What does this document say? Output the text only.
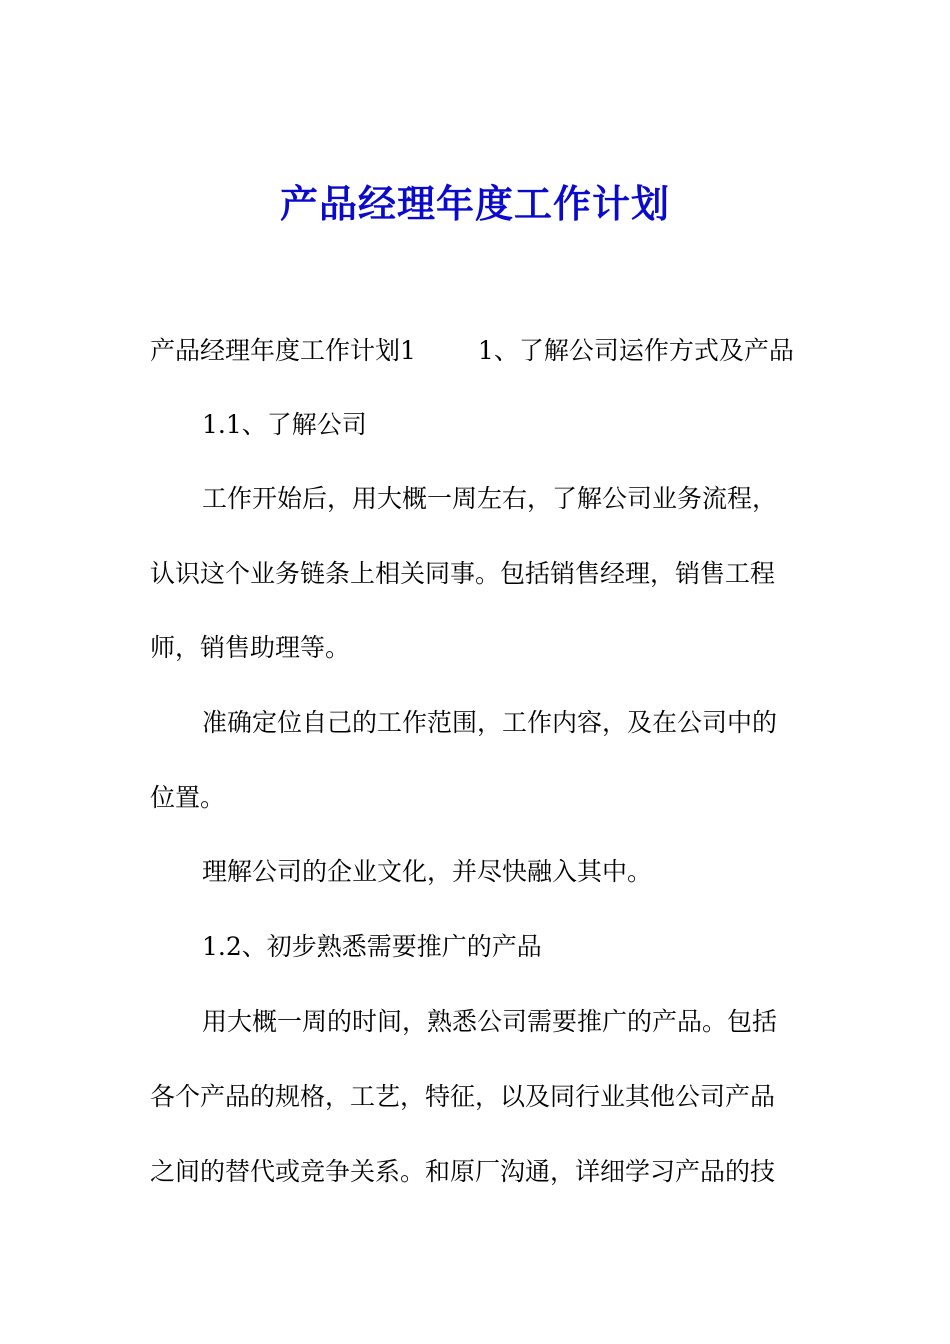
产品经理年度工作计划
产品经理年度工作计划1 1、了解公司运作方式及产品
1.1、了解公司
工作开始后，用大概一周左右，了解公司业务流程，
认识这个业务链条上相关同事。包括销售经理，销售工程
师，销售助理等。
准确定位自己的工作范围，工作内容，及在公司中的
位置。
理解公司的企业文化，并尽快融入其中。
1.2、初步熟悉需要推广的产品
用大概一周的时间，熟悉公司需要推广的产品。包括
各个产品的规格，工艺，特征，以及同行业其他公司产品
之间的替代或竞争关系。和原厂沟通，详细学习产品的技
